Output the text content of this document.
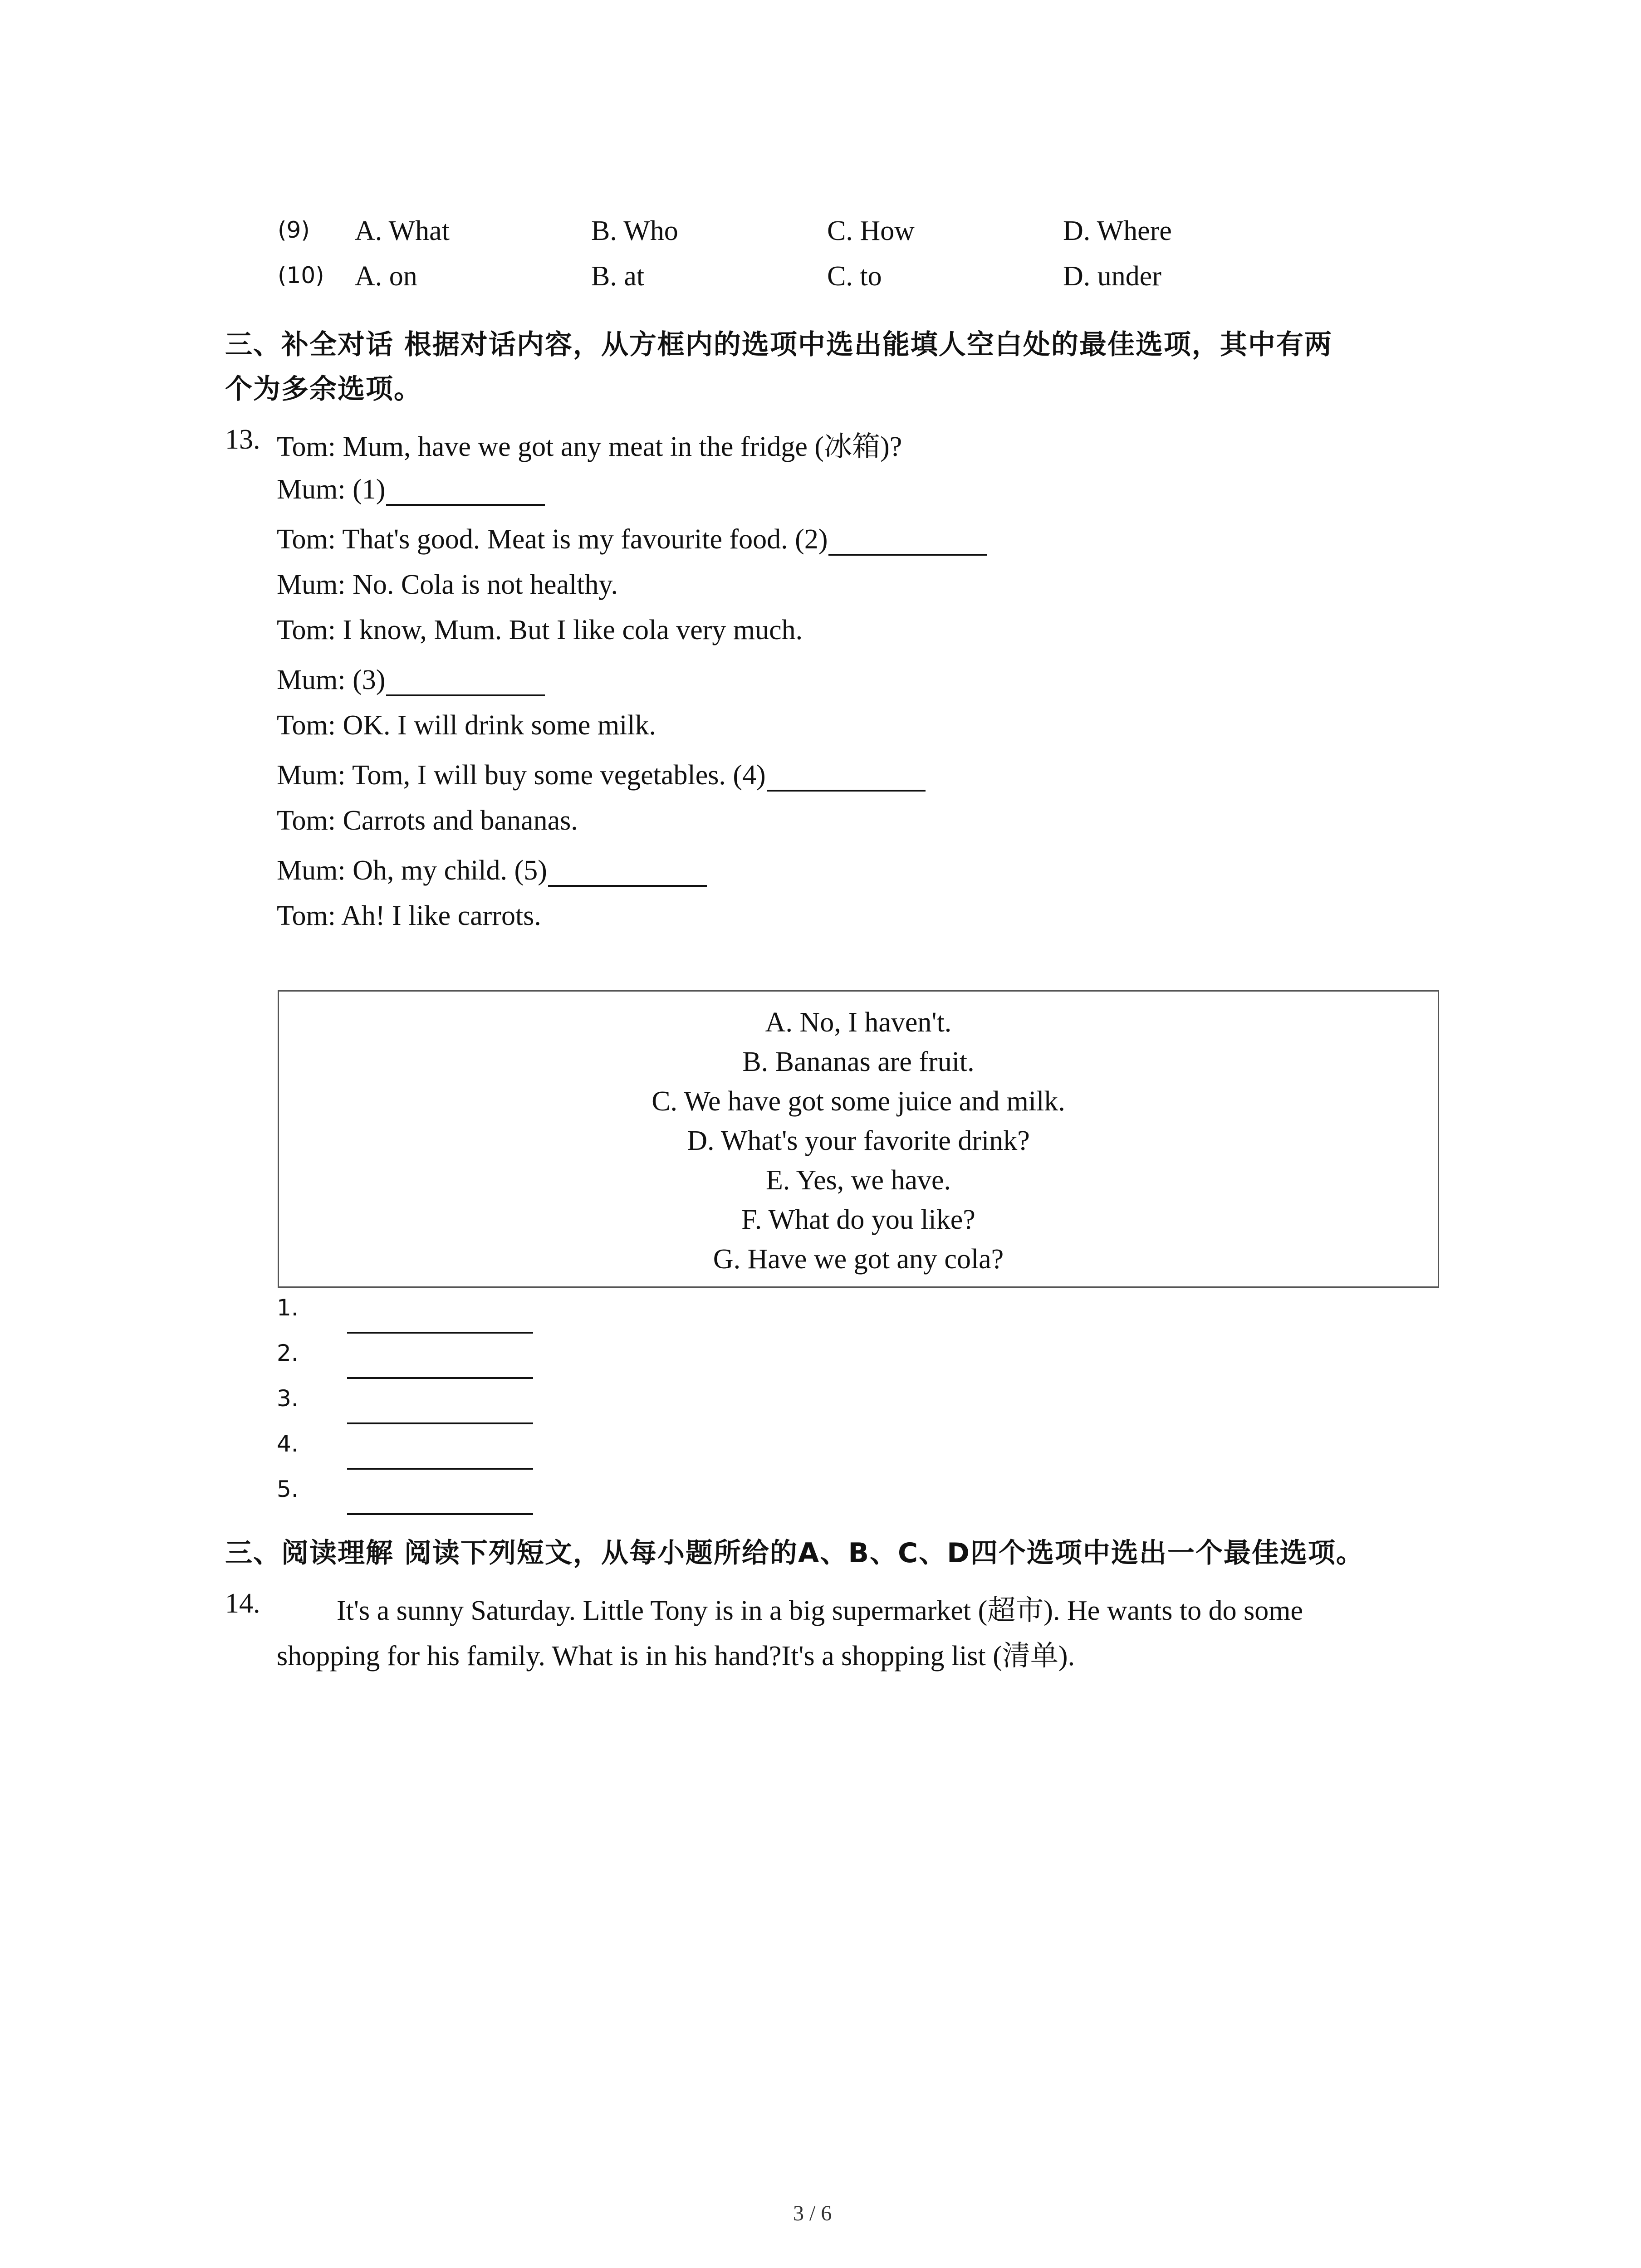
(9) A. What	B. Who	C. How	D. Where
(10) A. on	B. at	C. to	D. under
三、补全对话 根据对话内容，从方框内的选项中选出能填人空白处的最佳选项，其中有两
个为多余选项。
13. Tom: Mum, have we got any meat in the fridge (冰箱)?
Mum: (1)
Tom: That's good. Meat is my favourite food. (2)
Mum: No. Cola is not healthy.
Tom: I know, Mum. But I like cola very much.
Mum: (3)
Tom: OK. I will drink some milk.
Mum: Tom, I will buy some vegetables. (4)
Tom: Carrots and bananas.
Mum: Oh, my child. (5)
Tom: Ah! I like carrots.
A. No, I haven't.
B. Bananas are fruit.
C. We have got some juice and milk.
D. What's your favorite drink?
E. Yes, we have.
F. What do you like?
G. Have we got any cola?
1.
2.
3.
4.
5.
三、阅读理解 阅读下列短文，从每小题所给的A、B、C、D四个选项中选出一个最佳选项。
14.	It's a sunny Saturday. Little Tony is in a big supermarket (超市). He wants to do some
shopping for his family. What is in his hand?It's a shopping list (清单).
3 / 6
